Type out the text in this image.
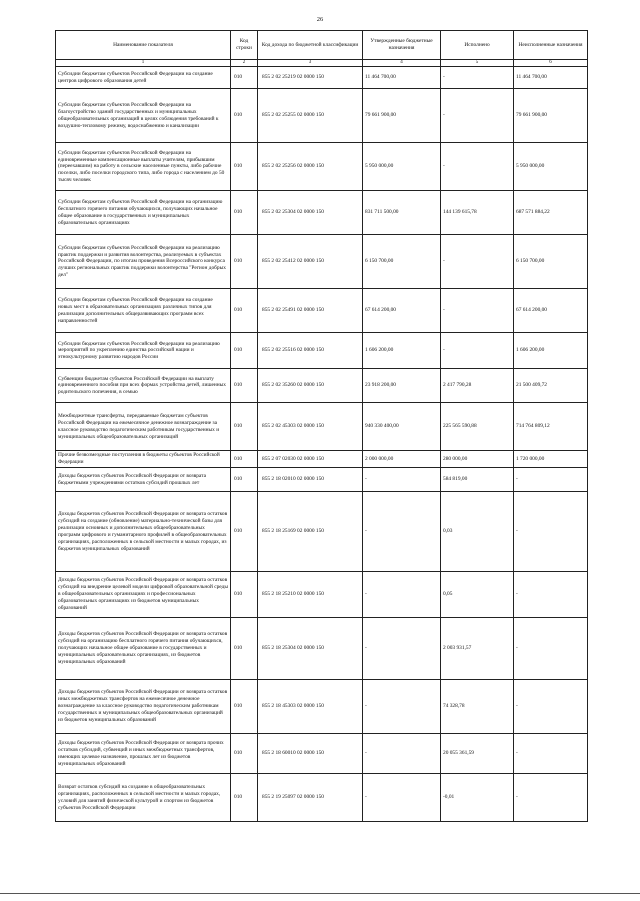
26
Наименование показателя	Код строки	Код дохода по бюджетной классификации	Утвержденные бюджетные назначения	Исполнено	Неисполненные назначения
1	2	3	4	5	6
Субсидии бюджетам субъектов Российской Федерации на создание центров цифрового образования детей	010	855 2 02 25219 02 0000 150	11 464 700,00	-	11 464 700,00
Субсидии бюджетам субъектов Российской Федерации на благоустройство зданий государственных и муниципальных общеобразовательных организаций в целях соблюдения требований к воздушно-тепловому режиму, водоснабжению и канализации	010	855 2 02 25255 02 0000 150	79 661 900,00	-	79 661 900,00
Субсидии бюджетам субъектов Российской Федерации на единовременные компенсационные выплаты учителям, прибывшим (переехавшим) на работу в сельские населенные пункты, либо рабочие поселки, либо поселки городского типа, либо города с населением до 50 тысяч человек	010	855 2 02 25256 02 0000 150	5 950 000,00	-	5 950 000,00
Субсидии бюджетам субъектов Российской Федерации на организацию бесплатного горячего питания обучающихся, получающих начальное общее образование в государственных и муниципальных образовательных организациях	010	855 2 02 25304 02 0000 150	831 711 500,00	144 139 615,78	687 571 884,22
Субсидии бюджетам субъектов Российской Федерации на реализацию практик поддержки и развития волонтерства, реализуемых в субъектах Российской Федерации, по итогам проведения Всероссийского конкурса лучших региональных практик поддержки волонтерства "Регион добрых дел"	010	855 2 02 25412 02 0000 150	6 150 700,00	-	6 150 700,00
Субсидии бюджетам субъектов Российской Федерации на создание новых мест в образовательных организациях различных типов для реализации дополнительных общеразвивающих программ всех направленностей	010	855 2 02 25491 02 0000 150	67 614 200,00	-	67 614 200,00
Субсидии бюджетам субъектов Российской Федерации на реализацию мероприятий по укреплению единства российской нации и этнокультурному развитию народов России	010	855 2 02 25516 02 0000 150	1 606 200,00	-	1 606 200,00
Субвенции бюджетам субъектов Российской Федерации на выплату единовременного пособия при всех формах устройства детей, лишенных родительского попечения, в семью	010	855 2 02 35260 02 0000 150	23 918 200,00	2 417 790,28	21 500 409,72
Межбюджетные трансферты, передаваемые бюджетам субъектов Российской Федерации на ежемесячное денежное вознаграждение за классное руководство педагогическим работникам государственных и муниципальных общеобразовательных организаций	010	855 2 02 45303 02 0000 150	940 330 400,00	225 565 590,88	714 764 809,12
Прочие безвозмездные поступления в бюджеты субъектов Российской Федерации	010	855 2 07 02030 02 0000 150	2 000 000,00	280 000,00	1 720 000,00
Доходы бюджетов субъектов Российской Федерации от возврата бюджетными учреждениями остатков субсидий прошлых лет	010	855 2 18 02010 02 0000 150	-	584 819,00	-
Доходы бюджетов субъектов Российской Федерации от возврата остатков субсидий на создание (обновление) материально-технической базы для реализации основных и дополнительных общеобразовательных программ цифрового и гуманитарного профилей в общеобразовательных организациях, расположенных в сельской местности и малых городах, из бюджетов муниципальных образований	010	855 2 18 25169 02 0000 150	-	0,03	-
Доходы бюджетов субъектов Российской Федерации от возврата остатков субсидий на внедрение целевой модели цифровой образовательной среды в общеобразовательных организациях и профессиональных образовательных организациях из бюджетов муниципальных образований	010	855 2 18 25210 02 0000 150	-	0,05	-
Доходы бюджетов субъектов Российской Федерации от возврата остатков субсидий на организацию бесплатного горячего питания обучающихся, получающих начальное общее образование в государственных и муниципальных образовательных организациях, из бюджетов муниципальных образований	010	855 2 18 25304 02 0000 150	-	2 003 931,57	-
Доходы бюджетов субъектов Российской Федерации от возврата остатков иных межбюджетных трансфертов на ежемесячное денежное вознаграждение за классное руководство педагогическим работникам государственных и муниципальных общеобразовательных организаций из бюджетов муниципальных образований	010	855 2 18 45303 02 0000 150	-	74 328,78	-
Доходы бюджетов субъектов Российской Федерации от возврата прочих остатков субсидий, субвенций и иных межбюджетных трансфертов, имеющих целевое назначение, прошлых лет из бюджетов муниципальных образований	010	855 2 18 60010 02 0000 150	-	20 055 361,59	-
Возврат остатков субсидий на создание в общеобразовательных организациях, расположенных в сельской местности и малых городах, условий для занятий физической культурой и спортом из бюджетов субъектов Российской Федерации	010	855 2 19 25097 02 0000 150	-	-0,01	-
